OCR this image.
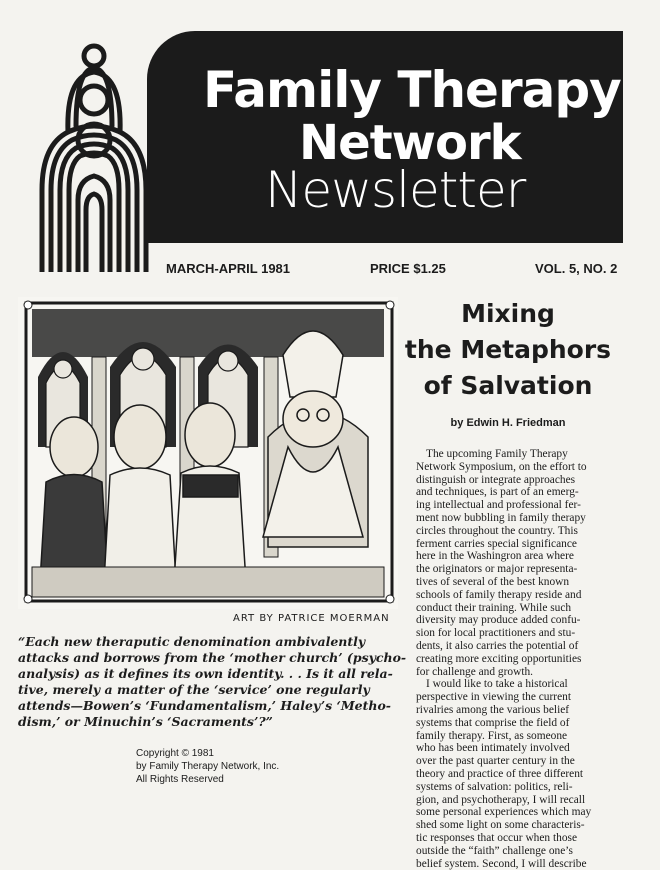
Family Therapy
Network
Newsletter
MARCH-APRIL 1981	PRICE $1.25	VOL. 5, NO. 2
ART BY PATRICE MOERMAN

“Each new theraputic denomination ambivalently attacks and borrows from the ‘mother church’ (psycho-analysis) as it defines its own identity. . . Is it all rela-tive, merely a matter of the ‘service’ one regularly attends—Bowen’s ‘Fundamentalism,’ Haley’s ‘Metho-dism,’ or Minuchin’s ‘Sacraments’?”

Copyright © 1981
by Family Therapy Network, Inc.
All Rights Reserved
Mixing
the Metaphors
of Salvation
by Edwin H. Friedman
The upcoming Family Therapy
Network Symposium, on the effort to
distinguish or integrate approaches
and techniques, is part of an emerg-
ing intellectual and professional fer-
ment now bubbling in family therapy
circles throughout the country. This
ferment carries special significance
here in the Washingron area where
the originators or major representa-
tives of several of the best known
schools of family therapy reside and
conduct their training. While such
diversity may produce added confu-
sion for local practitioners and stu-
dents, it also carries the potential of
creating more exciting opportunities
for challenge and growth.
I would like to take a historical
perspective in viewing the current
rivalries among the various belief
systems that comprise the field of
family therapy. First, as someone
who has been intimately involved
over the past quarter century in the
theory and practice of three different
systems of salvation: politics, reli-
gion, and psychotherapy, I will recall
some personal experiences which may
shed some light on some characteris-
tic responses that occur when those
outside the “faith” challenge one’s
belief system. Second, I will describe
